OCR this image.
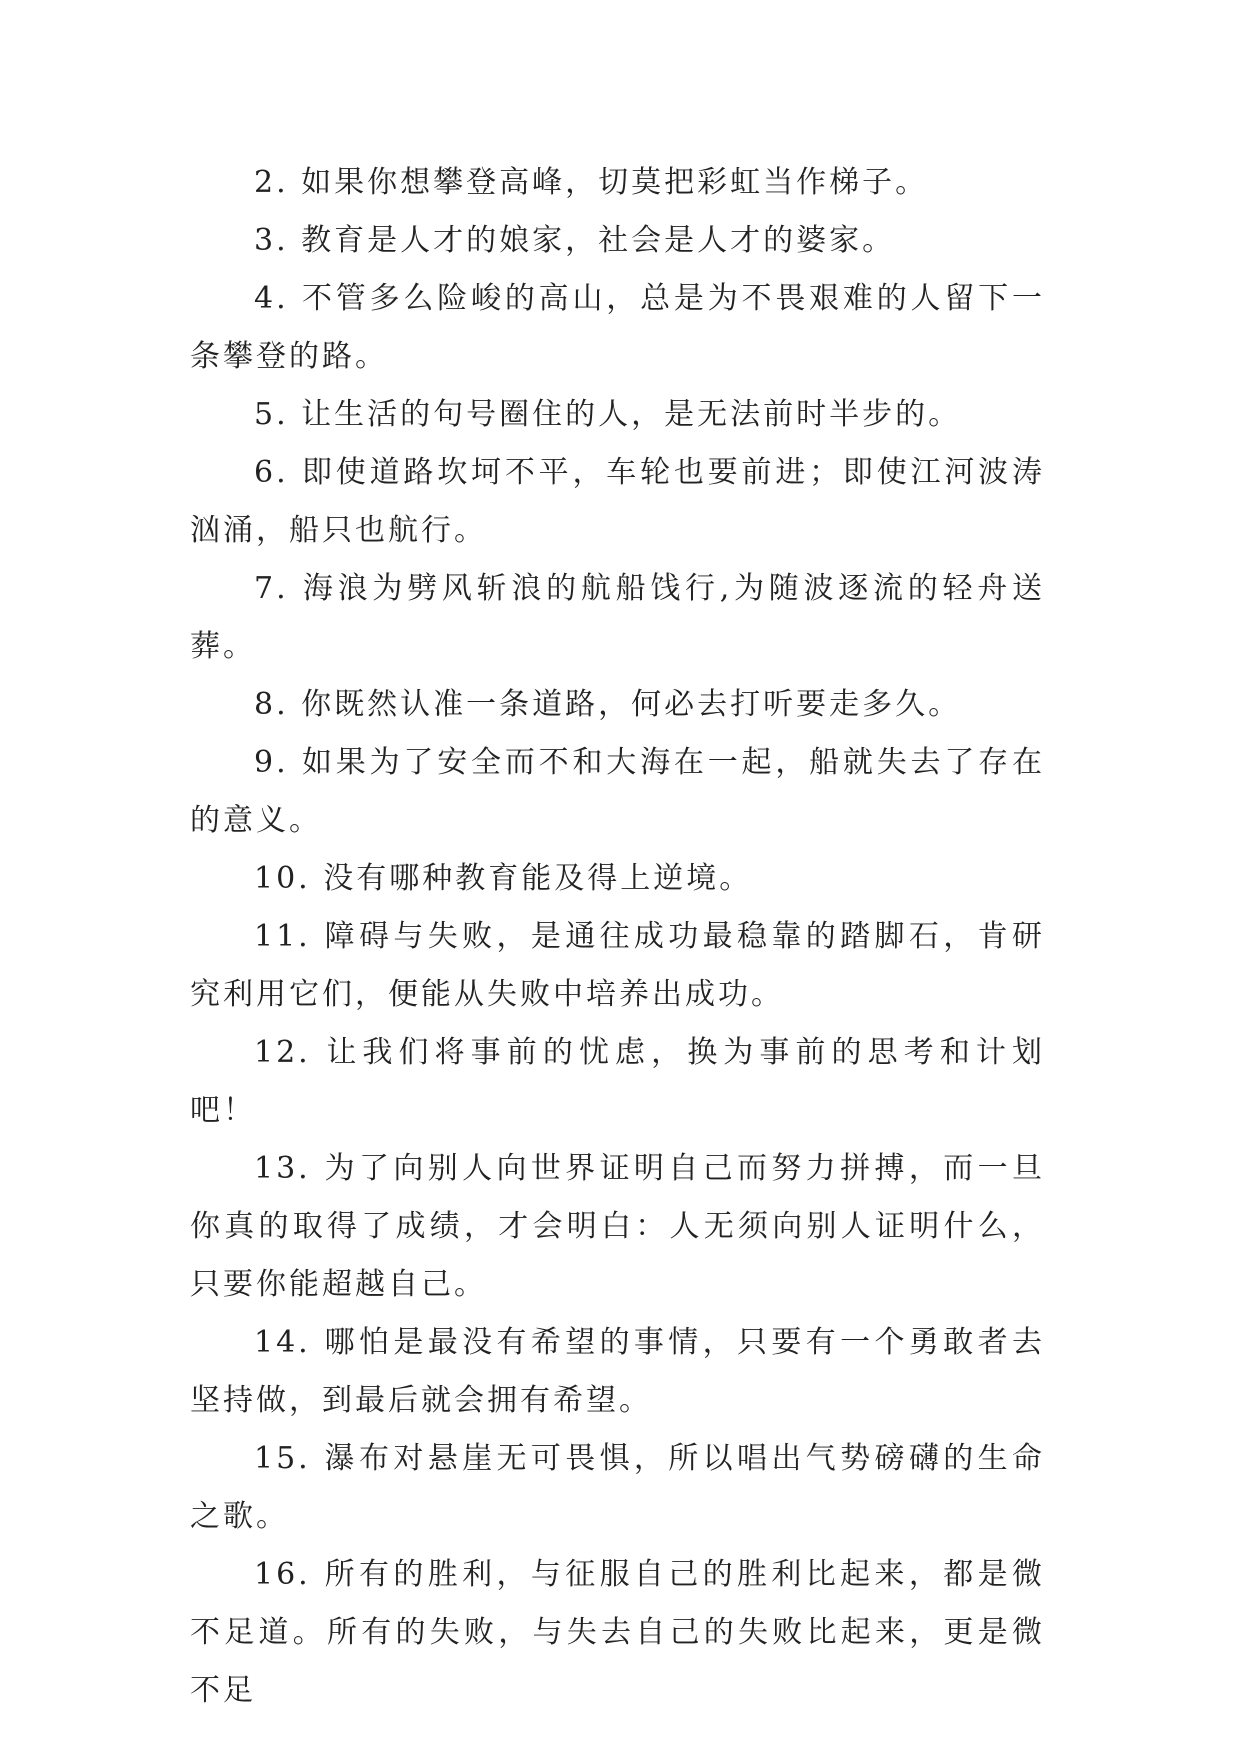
2. 如果你想攀登高峰，切莫把彩虹当作梯子。

3. 教育是人才的娘家，社会是人才的婆家。

4. 不管多么险峻的高山，总是为不畏艰难的人留下一条攀登的路。

5. 让生活的句号圈住的人，是无法前时半步的。

6. 即使道路坎坷不平，车轮也要前进；即使江河波涛汹涌，船只也航行。

7. 海浪为劈风斩浪的航船饯行,为随波逐流的轻舟送葬。

8. 你既然认准一条道路，何必去打听要走多久。

9. 如果为了安全而不和大海在一起，船就失去了存在的意义。

10. 没有哪种教育能及得上逆境。

11. 障碍与失败，是通往成功最稳靠的踏脚石，肯研究利用它们，便能从失败中培养出成功。

12. 让我们将事前的忧虑，换为事前的思考和计划吧！

13. 为了向别人向世界证明自己而努力拼搏，而一旦你真的取得了成绩，才会明白：人无须向别人证明什么，只要你能超越自己。

14. 哪怕是最没有希望的事情，只要有一个勇敢者去坚持做，到最后就会拥有希望。

15. 瀑布对悬崖无可畏惧，所以唱出气势磅礴的生命之歌。

16. 所有的胜利，与征服自己的胜利比起来，都是微不足道。所有的失败，与失去自己的失败比起来，更是微不足
